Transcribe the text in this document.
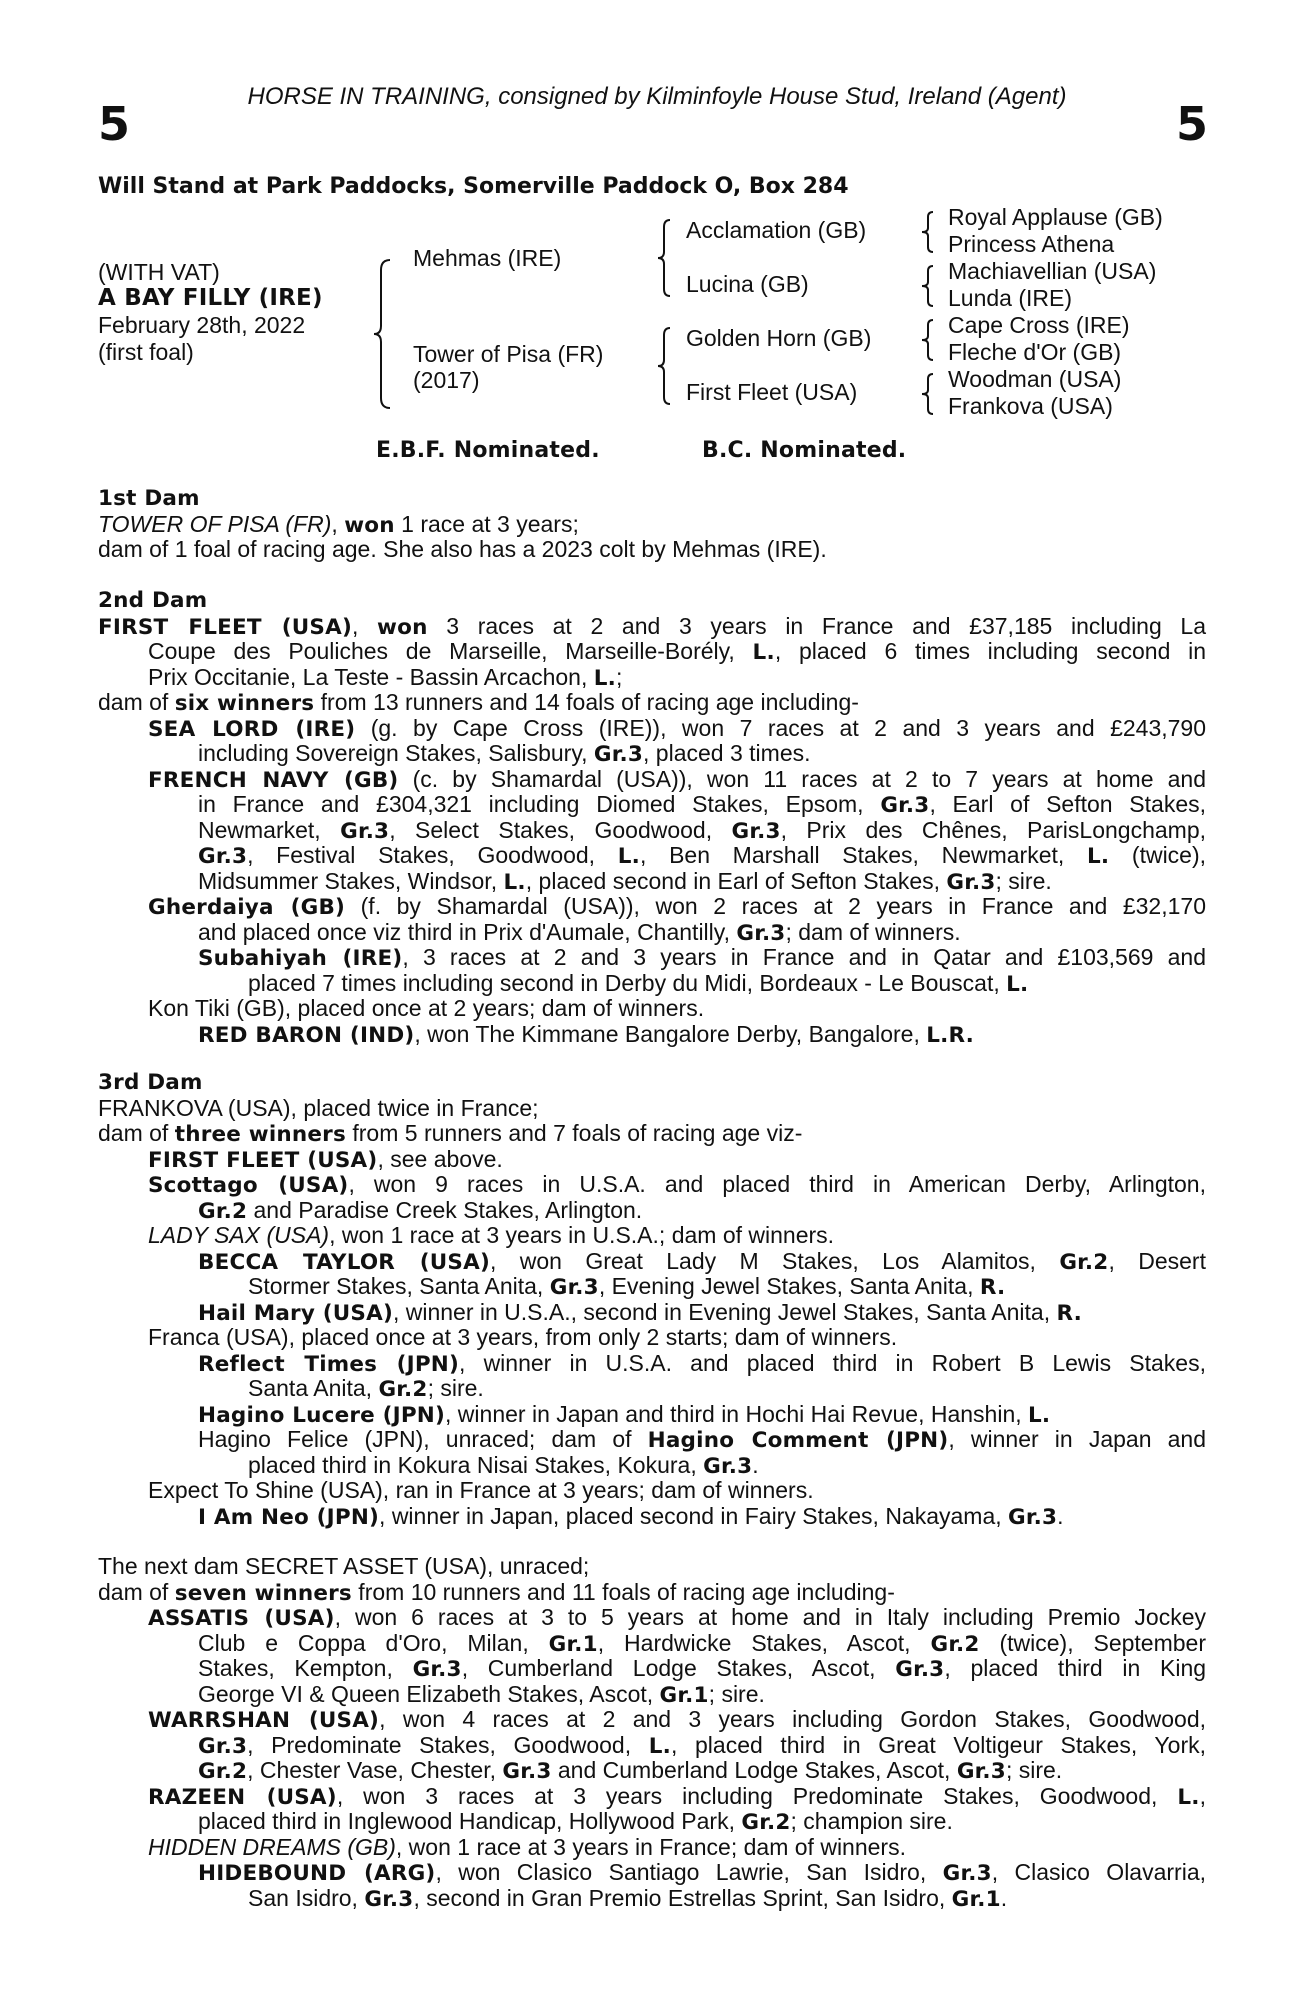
HORSE IN TRAINING, consigned by Kilminfoyle House Stud, Ireland (Agent)
5	5
Will Stand at Park Paddocks, Somerville Paddock O, Box 284
(WITH VAT)
A BAY FILLY (IRE)
February 28th, 2022
(first foal)
Mehmas (IRE)
Tower of Pisa (FR)
(2017)
Acclamation (GB)
Lucina (GB)
Golden Horn (GB)
First Fleet (USA)
Royal Applause (GB)
Princess Athena
Machiavellian (USA)
Lunda (IRE)
Cape Cross (IRE)
Fleche d'Or (GB)
Woodman (USA)
Frankova (USA)
E.B.F. Nominated.	B.C. Nominated.
1st Dam
TOWER OF PISA (FR), won 1 race at 3 years;
dam of 1 foal of racing age. She also has a 2023 colt by Mehmas (IRE).
2nd Dam
FIRST FLEET (USA), won 3 races at 2 and 3 years in France and £37,185 including La
Coupe des Pouliches de Marseille, Marseille-Borély, L., placed 6 times including second in
Prix Occitanie, La Teste - Bassin Arcachon, L.;
dam of six winners from 13 runners and 14 foals of racing age including-
SEA LORD (IRE) (g. by Cape Cross (IRE)), won 7 races at 2 and 3 years and £243,790
including Sovereign Stakes, Salisbury, Gr.3, placed 3 times.
FRENCH NAVY (GB) (c. by Shamardal (USA)), won 11 races at 2 to 7 years at home and
in France and £304,321 including Diomed Stakes, Epsom, Gr.3, Earl of Sefton Stakes,
Newmarket, Gr.3, Select Stakes, Goodwood, Gr.3, Prix des Chênes, ParisLongchamp,
Gr.3, Festival Stakes, Goodwood, L., Ben Marshall Stakes, Newmarket, L. (twice),
Midsummer Stakes, Windsor, L., placed second in Earl of Sefton Stakes, Gr.3; sire.
Gherdaiya (GB) (f. by Shamardal (USA)), won 2 races at 2 years in France and £32,170
and placed once viz third in Prix d'Aumale, Chantilly, Gr.3; dam of winners.
Subahiyah (IRE), 3 races at 2 and 3 years in France and in Qatar and £103,569 and
placed 7 times including second in Derby du Midi, Bordeaux - Le Bouscat, L.
Kon Tiki (GB), placed once at 2 years; dam of winners.
RED BARON (IND), won The Kimmane Bangalore Derby, Bangalore, L.R.
3rd Dam
FRANKOVA (USA), placed twice in France;
dam of three winners from 5 runners and 7 foals of racing age viz-
FIRST FLEET (USA), see above.
Scottago (USA), won 9 races in U.S.A. and placed third in American Derby, Arlington,
Gr.2 and Paradise Creek Stakes, Arlington.
LADY SAX (USA), won 1 race at 3 years in U.S.A.; dam of winners.
BECCA TAYLOR (USA), won Great Lady M Stakes, Los Alamitos, Gr.2, Desert
Stormer Stakes, Santa Anita, Gr.3, Evening Jewel Stakes, Santa Anita, R.
Hail Mary (USA), winner in U.S.A., second in Evening Jewel Stakes, Santa Anita, R.
Franca (USA), placed once at 3 years, from only 2 starts; dam of winners.
Reflect Times (JPN), winner in U.S.A. and placed third in Robert B Lewis Stakes,
Santa Anita, Gr.2; sire.
Hagino Lucere (JPN), winner in Japan and third in Hochi Hai Revue, Hanshin, L.
Hagino Felice (JPN), unraced; dam of Hagino Comment (JPN), winner in Japan and
placed third in Kokura Nisai Stakes, Kokura, Gr.3.
Expect To Shine (USA), ran in France at 3 years; dam of winners.
I Am Neo (JPN), winner in Japan, placed second in Fairy Stakes, Nakayama, Gr.3.
The next dam SECRET ASSET (USA), unraced;
dam of seven winners from 10 runners and 11 foals of racing age including-
ASSATIS (USA), won 6 races at 3 to 5 years at home and in Italy including Premio Jockey
Club e Coppa d'Oro, Milan, Gr.1, Hardwicke Stakes, Ascot, Gr.2 (twice), September
Stakes, Kempton, Gr.3, Cumberland Lodge Stakes, Ascot, Gr.3, placed third in King
George VI & Queen Elizabeth Stakes, Ascot, Gr.1; sire.
WARRSHAN (USA), won 4 races at 2 and 3 years including Gordon Stakes, Goodwood,
Gr.3, Predominate Stakes, Goodwood, L., placed third in Great Voltigeur Stakes, York,
Gr.2, Chester Vase, Chester, Gr.3 and Cumberland Lodge Stakes, Ascot, Gr.3; sire.
RAZEEN (USA), won 3 races at 3 years including Predominate Stakes, Goodwood, L.,
placed third in Inglewood Handicap, Hollywood Park, Gr.2; champion sire.
HIDDEN DREAMS (GB), won 1 race at 3 years in France; dam of winners.
HIDEBOUND (ARG), won Clasico Santiago Lawrie, San Isidro, Gr.3, Clasico Olavarria,
San Isidro, Gr.3, second in Gran Premio Estrellas Sprint, San Isidro, Gr.1.
